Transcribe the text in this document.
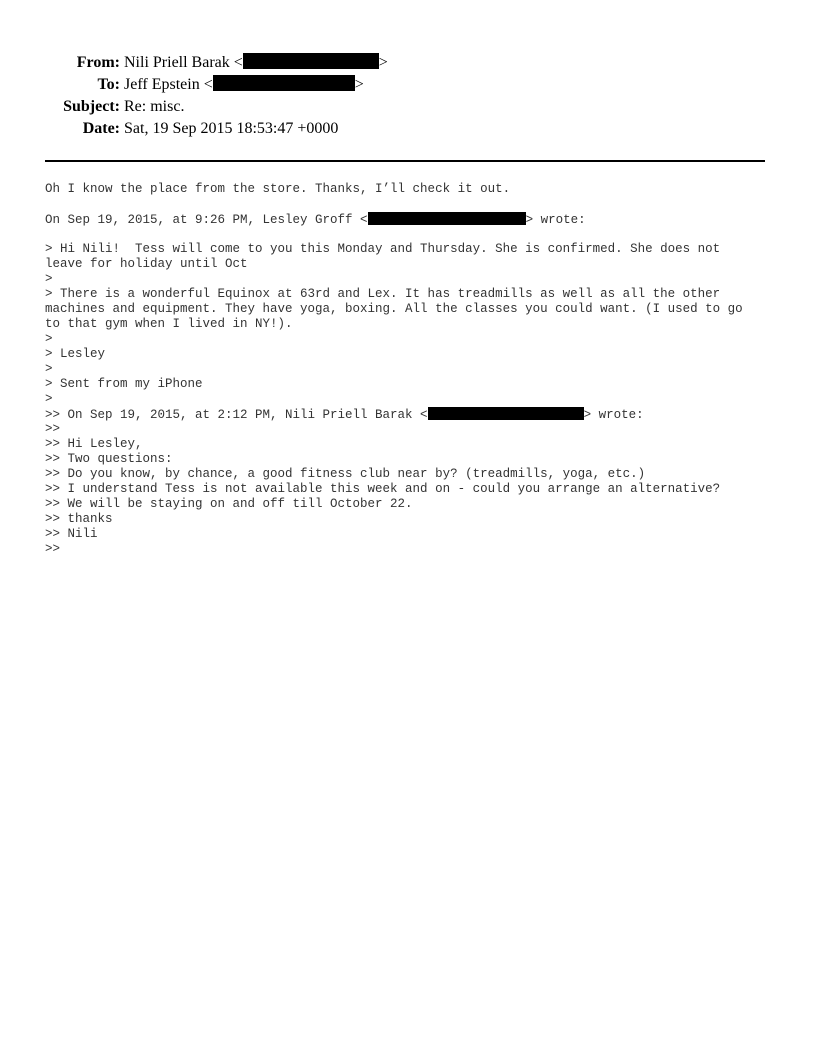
From: Nili Priell Barak <	>
To: Jeff Epstein <	>
Subject: Re: misc.
Date: Sat, 19 Sep 2015 18:53:47 +0000
Oh I know the place from the store. Thanks, I’ll check it out.
On Sep 19, 2015, at 9:26 PM, Lesley Groff <	> wrote:
> Hi Nili!  Tess will come to you this Monday and Thursday. She is confirmed. She does not
leave for holiday until Oct
>
> There is a wonderful Equinox at 63rd and Lex. It has treadmills as well as all the other
machines and equipment. They have yoga, boxing. All the classes you could want. (I used to go
to that gym when I lived in NY!).
>
> Lesley
>
> Sent from my iPhone
>
>> On Sep 19, 2015, at 2:12 PM, Nili Priell Barak <	> wrote:
>>
>> Hi Lesley,
>> Two questions:
>> Do you know, by chance, a good fitness club near by? (treadmills, yoga, etc.)
>> I understand Tess is not available this week and on - could you arrange an alternative?
>> We will be staying on and off till October 22.
>> thanks
>> Nili
>>
